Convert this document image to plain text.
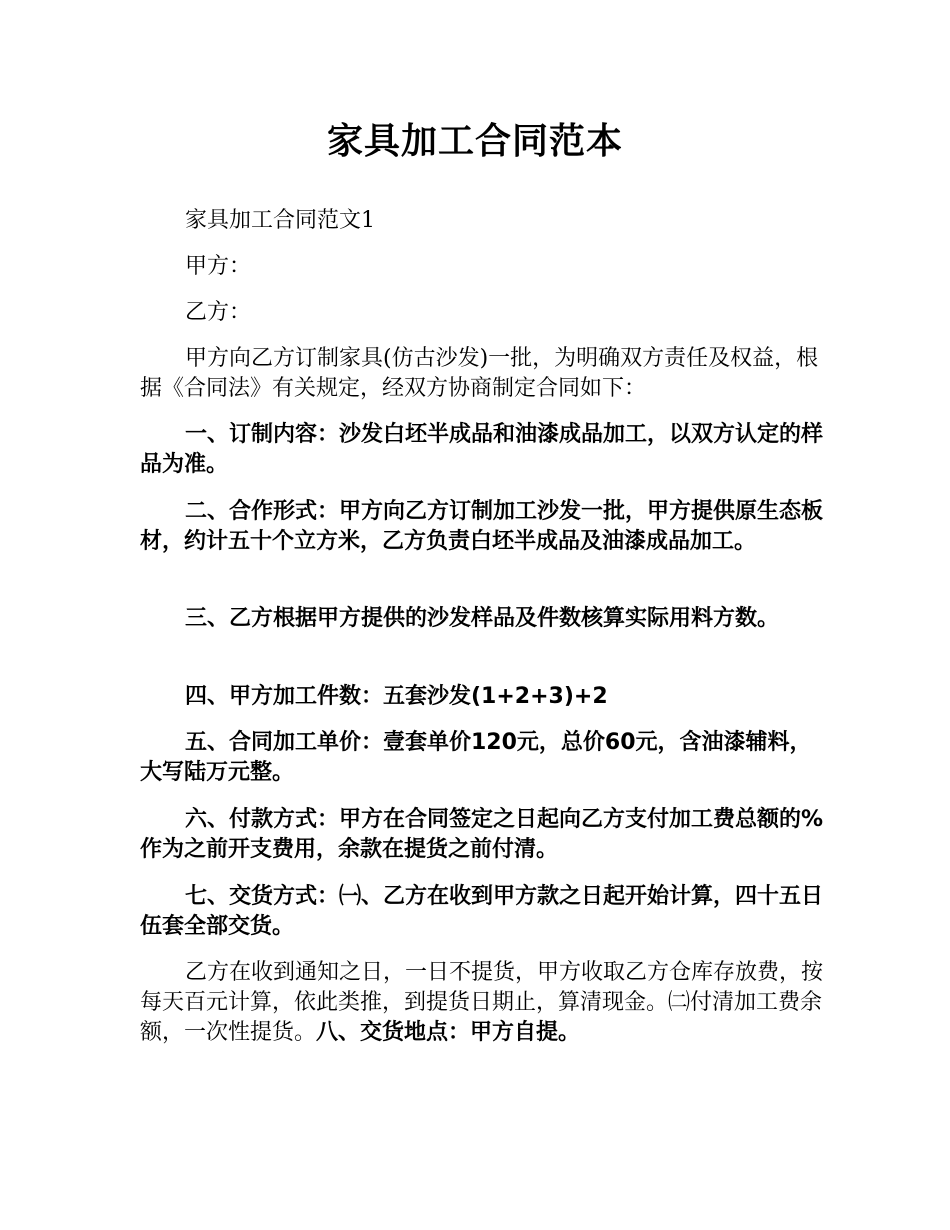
家具加工合同范本

家具加工合同范文1

甲方：

乙方：

甲方向乙方订制家具(仿古沙发)一批，为明确双方责任及权益，根据《合同法》有关规定，经双方协商制定合同如下：

一、订制内容：沙发白坯半成品和油漆成品加工，以双方认定的样品为准。

二、合作形式：甲方向乙方订制加工沙发一批，甲方提供原生态板材，约计五十个立方米，乙方负责白坯半成品及油漆成品加工。

三、乙方根据甲方提供的沙发样品及件数核算实际用料方数。

四、甲方加工件数：五套沙发(1+2+3)+2

五、合同加工单价：壹套单价120元，总价60元，含油漆辅料，大写陆万元整。

六、付款方式：甲方在合同签定之日起向乙方支付加工费总额的%作为之前开支费用，余款在提货之前付清。

七、交货方式：㈠、乙方在收到甲方款之日起开始计算，四十五日伍套全部交货。

乙方在收到通知之日，一日不提货，甲方收取乙方仓库存放费，按每天百元计算，依此类推，到提货日期止，算清现金。㈡付清加工费余额，一次性提货。八、交货地点：甲方自提。
